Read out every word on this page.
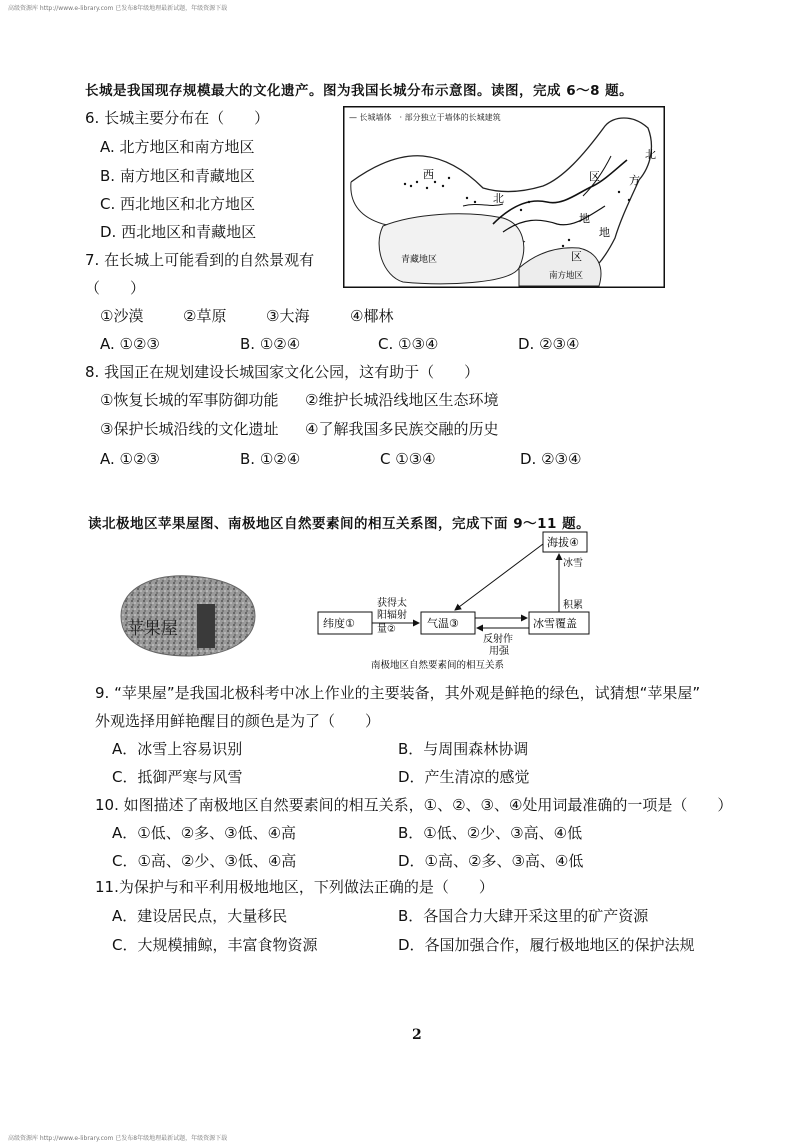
高级资源库 http://www.e-library.com 已发布8年级地理最新试题，年级资源下载
长城是我国现存规模最大的文化遗产。图为我国长城分布示意图。读图，完成 6～8 题。
6. 长城主要分布在（　　）
A. 北方地区和南方地区
B. 南方地区和青藏地区
C. 西北地区和北方地区
D. 西北地区和青藏地区
7. 在长城上可能看到的自然景观有
（　　）
①沙漠	②草原	③大海	④椰林
A. ①②③	B. ①②④	C. ①③④	D. ②③④
8. 我国正在规划建设长城国家文化公园，这有助于（　　）
①恢复长城的军事防御功能 ②维护长城沿线地区生态环境
③保护长城沿线的文化遗址 ④了解我国多民族交融的历史
A. ①②③	B. ①②④	C ①③④	D. ②③④
— 长城墙体　· 部分独立于墙体的长城建筑
西
北
北
区	方
地
地
区
青藏地区
南方地区
读北极地区苹果屋图、南极地区自然要素间的相互关系图，完成下面 9～11 题。
苹果屋
海拔④
纬度①	气温③	冰雪覆盖
冰雪
积累
获得太
阳辐射
量②
反射作
用强
南极地区自然要素间的相互关系
9. “苹果屋”是我国北极科考中冰上作业的主要装备，其外观是鲜艳的绿色，试猜想“苹果屋”
外观选择用鲜艳醒目的颜色是为了（　　）
A．冰雪上容易识别	B．与周围森林协调
C．抵御严寒与风雪	D．产生清凉的感觉
10. 如图描述了南极地区自然要素间的相互关系，①、②、③、④处用词最准确的一项是（　　）
A．①低、②多、③低、④高	B．①低、②少、③高、④低
C．①高、②少、③低、④高	D．①高、②多、③高、④低
11.为保护与和平利用极地地区，下列做法正确的是（　　）
A．建设居民点，大量移民	B．各国合力大肆开采这里的矿产资源
C．大规模捕鲸，丰富食物资源	D．各国加强合作，履行极地地区的保护法规
2
高级资源库 http://www.e-library.com 已发布8年级地理最新试题，年级资源下载
